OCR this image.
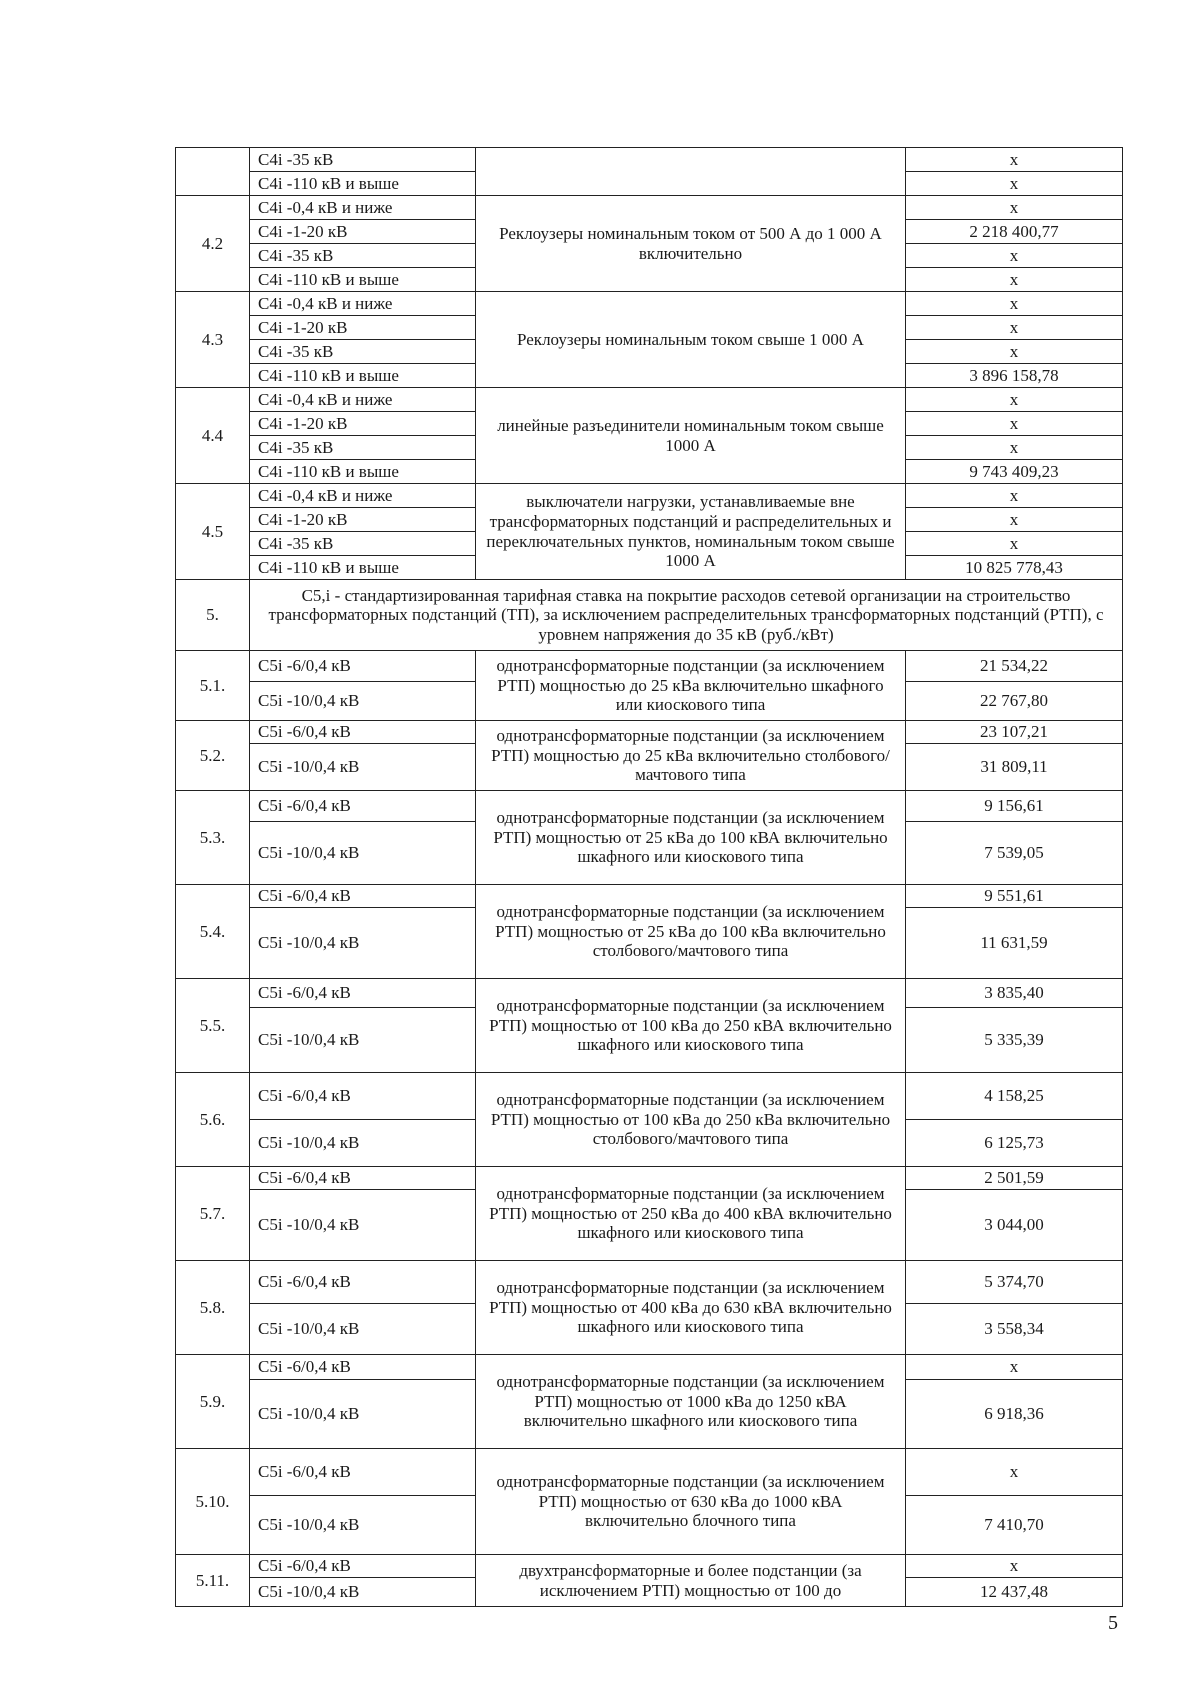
	С4i -35 кВ		х
	С4i -110 кВ и выше		х
4.2	С4i -0,4 кВ и ниже	Реклоузеры номинальным током от 500 А до 1 000 А включительно	х
	С4i -1-20 кВ		2 218 400,77
	С4i -35 кВ		х
	С4i -110 кВ и выше		х
4.3	С4i -0,4 кВ и ниже	Реклоузеры номинальным током свыше 1 000 А	х
	С4i -1-20 кВ		х
	С4i -35 кВ		х
	С4i -110 кВ и выше		3 896 158,78
4.4	С4i -0,4 кВ и ниже	линейные разъединители номинальным током свыше 1000 А	х
	С4i -1-20 кВ		х
	С4i -35 кВ		х
	С4i -110 кВ и выше		9 743 409,23
4.5	С4i -0,4 кВ и ниже	выключатели нагрузки, устанавливаемые вне трансформаторных подстанций и распределительных и переключательных пунктов, номинальным током свыше 1000 А	х
	С4i -1-20 кВ		х
	С4i -35 кВ		х
	С4i -110 кВ и выше		10 825 778,43
5.	С5,i - стандартизированная тарифная ставка на покрытие расходов сетевой организации на строительство трансформаторных подстанций (ТП), за исключением распределительных трансформаторных подстанций (РТП), с уровнем напряжения до 35 кВ (руб./кВт)		
5.1.	С5i -6/0,4 кВ	однотрансформаторные подстанции (за исключением РТП) мощностью до 25 кВа включительно шкафного или киоскового типа	21 534,22
	С5i -10/0,4 кВ		22 767,80
5.2.	С5i -6/0,4 кВ	однотрансформаторные подстанции (за исключением РТП) мощностью до 25 кВа включительно столбового/мачтового типа	23 107,21
	С5i -10/0,4 кВ		31 809,11
5.3.	С5i -6/0,4 кВ	однотрансформаторные подстанции (за исключением РТП) мощностью от 25 кВа до 100 кВА включительно шкафного или киоскового типа	9 156,61
	С5i -10/0,4 кВ		7 539,05
5.4.	С5i -6/0,4 кВ	однотрансформаторные подстанции (за исключением РТП) мощностью от 25 кВа до 100 кВа включительно столбового/мачтового типа	9 551,61
	С5i -10/0,4 кВ		11 631,59
5.5.	С5i -6/0,4 кВ	однотрансформаторные подстанции (за исключением РТП) мощностью от 100 кВа до 250 кВА включительно шкафного или киоскового типа	3 835,40
	С5i -10/0,4 кВ		5 335,39
5.6.	С5i -6/0,4 кВ	однотрансформаторные подстанции (за исключением РТП) мощностью от 100 кВа до 250 кВа включительно столбового/мачтового типа	4 158,25
	С5i -10/0,4 кВ		6 125,73
5.7.	С5i -6/0,4 кВ	однотрансформаторные подстанции (за исключением РТП) мощностью от 250 кВа до 400 кВА включительно шкафного или киоскового типа	2 501,59
	С5i -10/0,4 кВ		3 044,00
5.8.	С5i -6/0,4 кВ	однотрансформаторные подстанции (за исключением РТП) мощностью от 400 кВа до 630 кВА включительно шкафного или киоскового типа	5 374,70
	С5i -10/0,4 кВ		3 558,34
5.9.	С5i -6/0,4 кВ	однотрансформаторные подстанции (за исключением РТП) мощностью от 1000 кВа до 1250 кВА включительно шкафного или киоскового типа	х
	С5i -10/0,4 кВ		6 918,36
5.10.	С5i -6/0,4 кВ	однотрансформаторные подстанции (за исключением РТП) мощностью от 630 кВа до 1000 кВА включительно блочного типа	х
	С5i -10/0,4 кВ		7 410,70
5.11.	С5i -6/0,4 кВ	двухтрансформаторные и более подстанции (за исключением РТП) мощностью от 100 до	х
	С5i -10/0,4 кВ		12 437,48
5
